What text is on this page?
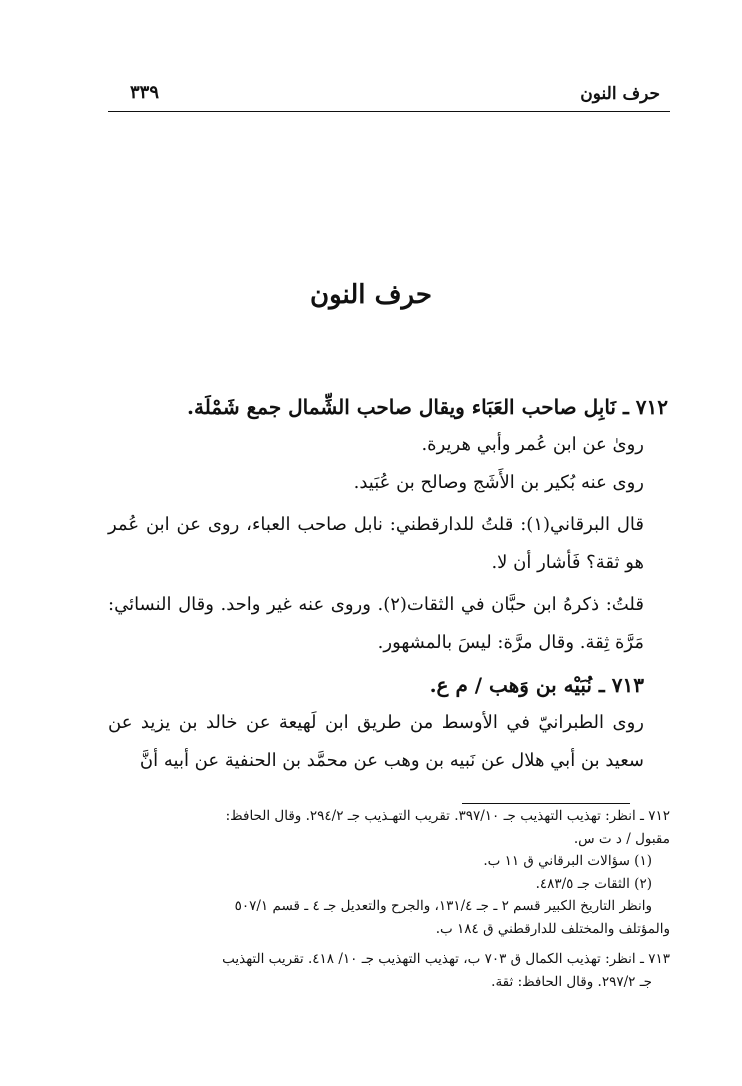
حرف النون
٣٣٩
حرف النون

٧١٢ ـ نَابِل صاحب العَبَاء ويقال صاحب الشِّمال جمع شَمْلَة.

روىٰ عن ابن عُمر وأبي هريرة.

روى عنه بُكير بن الأَشَج وصالح بن عُبَيد.

قال البرقاني(١): قلتُ للدارقطني: نابل صاحب العباء، روى عن ابن عُمر هو ثقة؟ فَأشار أن لا.

قلتُ: ذكرهُ ابن حبَّان في الثقات(٢). وروى عنه غير واحد. وقال النسائي: مَرَّة ثِقة. وقال مرَّة: ليسَ بالمشهور.

٧١٣ ـ نُبَيْه بن وَهب / م ع.

روى الطبرانيّ في الأوسط من طريق ابن لَهيعة عن خالد بن يزيد عن سعيد بن أبي هلال عن نَبيه بن وهب عن محمَّد بن الحنفية عن أبيه أنَّ

٧١٢ ـ انظر: تهذيب التهذيب جـ ٣٩٧/١٠. تقريب التهـذيب جـ ٢٩٤/٢. وقال الحافظ:

مقبول / د ت س.

(١) سؤالات البرقاني ق ١١ ب.

(٢) الثقات جـ ٤٨٣/٥.

وانظر التاريخ الكبير قسم ٢ ـ جـ ١٣١/٤، والجرح والتعديل جـ ٤ ـ قسم ٥٠٧/١

والمؤتلف والمختلف للدارقطني ق ١٨٤ ب.

٧١٣ ـ انظر: تهذيب الكمال ق ٧٠٣ ب، تهذيب التهذيب جـ ١٠/ ٤١٨. تقريب التهذيب

جـ ٢٩٧/٢. وقال الحافظ: ثقة.
